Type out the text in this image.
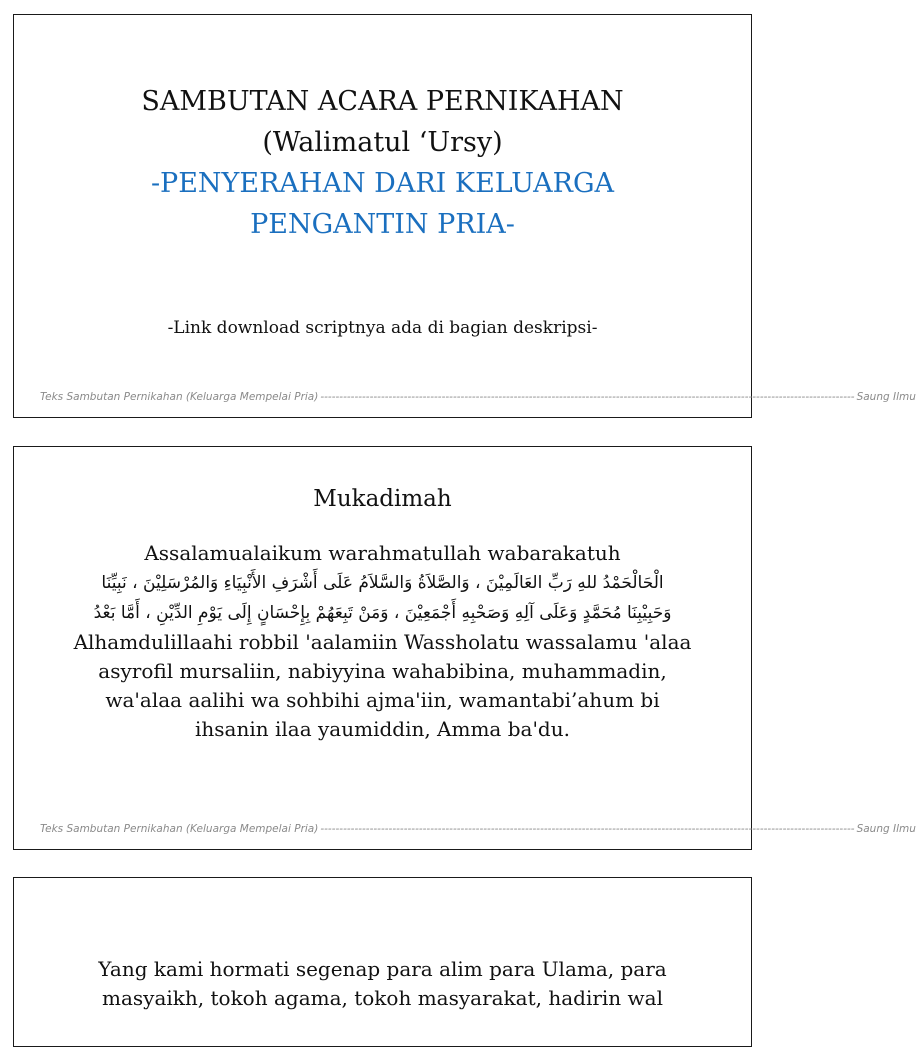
SAMBUTAN ACARA PERNIKAHAN
(Walimatul ‘Ursy)
-PENYERAHAN DARI KELUARGA
PENGANTIN PRIA-
-Link download scriptnya ada di bagian deskripsi-
Teks Sambutan Pernikahan (Keluarga Mempelai Pria) --------------------------------------------------------------------------------------------------------------------------------------------- Saung Ilmu
Mukadimah
Assalamualaikum warahmatullah wabarakatuh
الْحَالْحَمْدُ للهِ رَبِّ العَالَمِيْنَ ، وَالصَّلاَةُ وَالسَّلاَمُ عَلَى أَشْرَفِ الأَنْبِيَاءِ وَالمُرْسَلِيْنَ ، نَبِيِّنَا
وَحَبِيْبِنَا مُحَمَّدٍ وَعَلَى آلِهِ وَصَحْبِهِ أَجْمَعِيْنَ ، وَمَنْ تَبِعَهُمْ بِإِحْسَانٍ إِلَى يَوْمِ الدِّيْنِ ، أَمَّا بَعْدُ
Alhamdulillaahi robbil 'aalamiin Wassholatu wassalamu 'alaa
asyrofil mursaliin, nabiyyina wahabibina, muhammadin,
wa'alaa aalihi wa sohbihi ajma'iin, wamantabi’ahum bi
ihsanin ilaa yaumiddin, Amma ba'du.
Teks Sambutan Pernikahan (Keluarga Mempelai Pria) --------------------------------------------------------------------------------------------------------------------------------------------- Saung Ilmu
Yang kami hormati segenap para alim para Ulama, para
masyaikh, tokoh agama, tokoh masyarakat, hadirin wal
